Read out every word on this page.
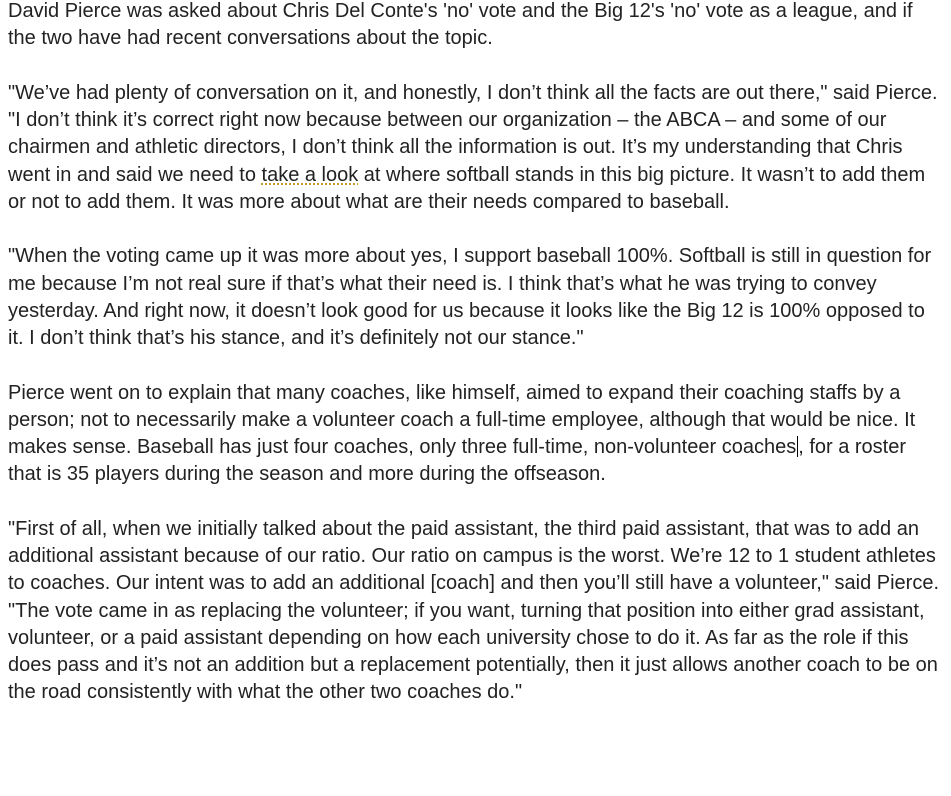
David Pierce was asked about Chris Del Conte's 'no' vote and the Big 12's 'no' vote as a league, and if the two have had recent conversations about the topic.

"We’ve had plenty of conversation on it, and honestly, I don’t think all the facts are out there," said Pierce. "I don’t think it’s correct right now because between our organization – the ABCA – and some of our chairmen and athletic directors, I don’t think all the information is out. It’s my understanding that Chris went in and said we need to take a look at where softball stands in this big picture. It wasn’t to add them or not to add them. It was more about what are their needs compared to baseball.

"When the voting came up it was more about yes, I support baseball 100%. Softball is still in question for me because I’m not real sure if that’s what their need is. I think that’s what he was trying to convey yesterday. And right now, it doesn’t look good for us because it looks like the Big 12 is 100% opposed to it. I don’t think that’s his stance, and it’s definitely not our stance."

Pierce went on to explain that many coaches, like himself, aimed to expand their coaching staffs by a person; not to necessarily make a volunteer coach a full-time employee, although that would be nice. It makes sense. Baseball has just four coaches, only three full-time, non-volunteer coaches , for a roster that is 35 players during the season and more during the offseason.

"First of all, when we initially talked about the paid assistant, the third paid assistant, that was to add an additional assistant because of our ratio. Our ratio on campus is the worst. We’re 12 to 1 student athletes to coaches. Our intent was to add an additional [coach] and then you’ll still have a volunteer," said Pierce. "The vote came in as replacing the volunteer; if you want, turning that position into either grad assistant, volunteer, or a paid assistant depending on how each university chose to do it. As far as the role if this does pass and it’s not an addition but a replacement potentially, then it just allows another coach to be on the road consistently with what the other two coaches do."
